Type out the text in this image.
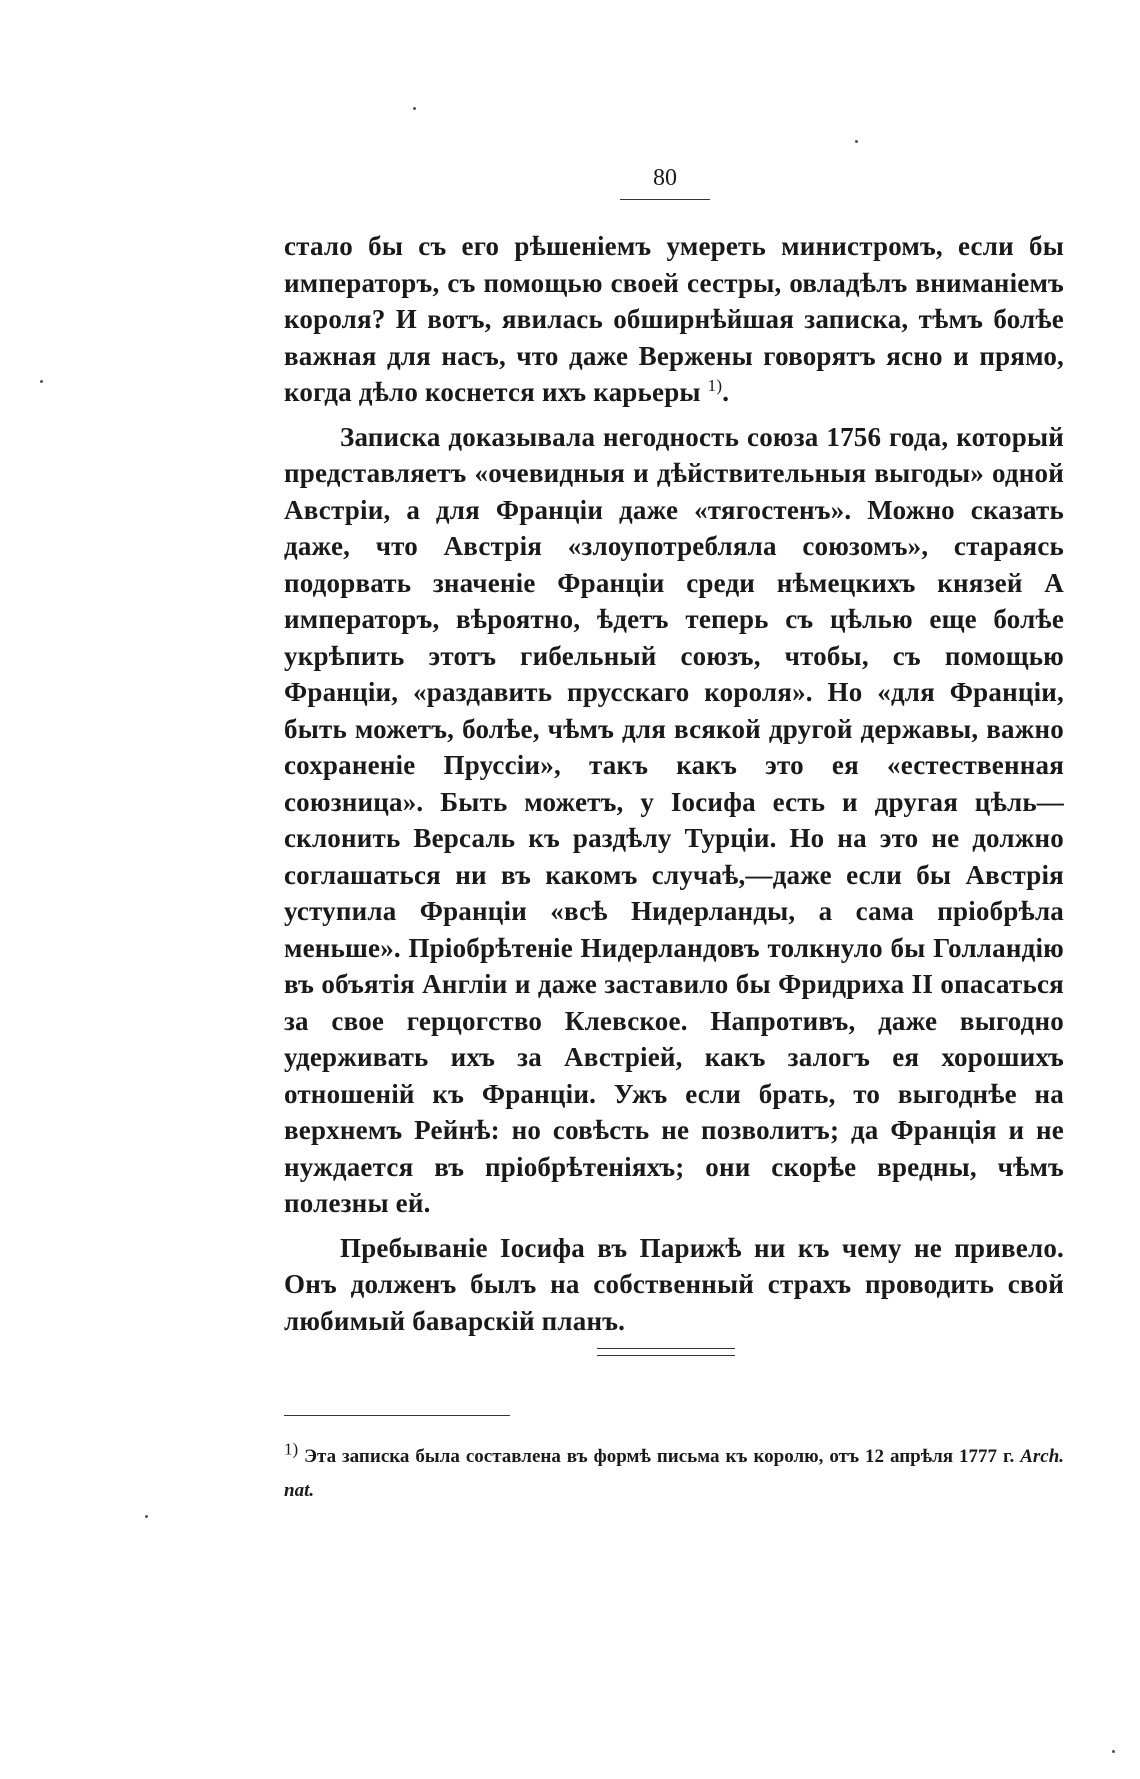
80

стало бы съ его рѣшеніемъ умереть министромъ, если бы императоръ, съ помощью своей сестры, овладѣлъ вниманіемъ короля? И вотъ, явилась обширнѣйшая записка, тѣмъ болѣе важная для насъ, что даже Вержены говорятъ ясно и прямо, когда дѣло коснется ихъ карьеры $^{1)}$.

Записка доказывала негодность союза 1756 года, который представляетъ «очевидныя и дѣйствительныя выгоды» одной Австріи, а для Франціи даже «тягостенъ». Можно сказать даже, что Австрія «злоупотребляла союзомъ», стараясь подорвать значеніе Франціи среди нѣмецкихъ князей А императоръ, вѣроятно, ѣдетъ теперь съ цѣлью еще болѣе укрѣпить этотъ гибельный союзъ, чтобы, съ помощью Франціи, «раздавить прусскаго короля». Но «для Франціи, быть можетъ, болѣе, чѣмъ для всякой другой державы, важно сохраненіе Пруссіи», такъ какъ это ея «естественная союзница». Быть можетъ, у Іосифа есть и другая цѣль—склонить Версаль къ раздѣлу Турціи. Но на это не должно соглашаться ни въ какомъ случаѣ,—даже если бы Австрія уступила Франціи «всѣ Нидерланды, а сама пріобрѣла меньше». Пріобрѣтеніе Нидерландовъ толкнуло бы Голландію въ объятія Англіи и даже заставило бы Фридриха II опасаться за свое герцогство Клевское. Напротивъ, даже выгодно удерживать ихъ за Австріей, какъ залогъ ея хорошихъ отношеній къ Франціи. Ужъ если брать, то выгоднѣе на верхнемъ Рейнѣ: но совѣсть не позволитъ; да Франція и не нуждается въ пріобрѣтеніяхъ; они скорѣе вредны, чѣмъ полезны ей.

Пребываніе Іосифа въ Парижѣ ни къ чему не привело. Онъ долженъ былъ на собственный страхъ проводить свой любимый баварскій планъ.

1) Эта записка была составлена въ формѣ письма къ королю, отъ 12 апрѣля 1777 г. Arch. nat.
